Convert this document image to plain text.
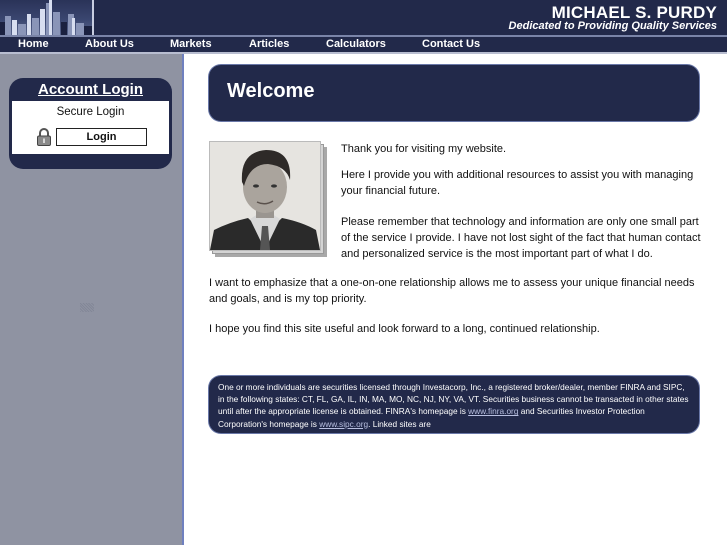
MICHAEL S. PURDY
Dedicated to Providing Quality Services
Home	About Us	Markets	Articles	Calculators	Contact Us
Account Login
Secure Login
Login
Welcome
Thank you for visiting my website.
Here I provide you with additional resources to assist you with managing your financial future.
Please remember that technology and information are only one small part of the service I provide. I have not lost sight of the fact that human contact and personalized service is the most important part of what I do.
I want to emphasize that a one-on-one relationship allows me to assess your unique financial needs and goals, and is my top priority.
I hope you find this site useful and look forward to a long, continued relationship.
One or more individuals are securities licensed through Investacorp, Inc., a registered broker/dealer, member FINRA and SIPC, in the following states: CT, FL, GA, IL, IN, MA, MO, NC, NJ, NY, VA, VT. Securities business cannot be transacted in other states until after the appropriate license is obtained. FINRA's homepage is www.finra.org and Securities Investor Protection Corporation's homepage is www.sipc.org. Linked sites are
